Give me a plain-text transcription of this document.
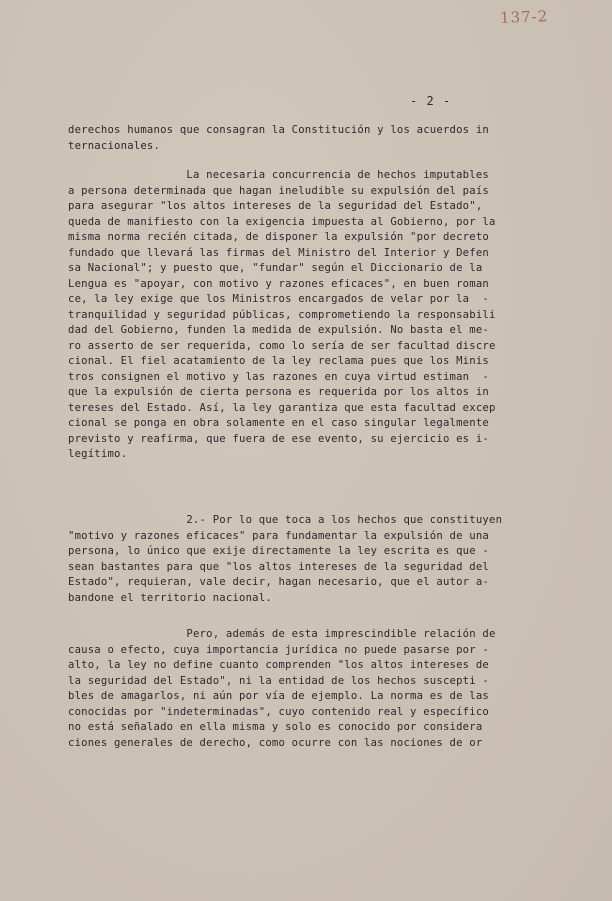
137-2
- 2 -

derechos humanos que consagran la Constitución y los acuerdos in
ternacionales.

La necesaria concurrencia de hechos imputables
a persona determinada que hagan ineludible su expulsión del país
para asegurar "los altos intereses de la seguridad del Estado",
queda de manifiesto con la exigencia impuesta al Gobierno, por la
misma norma recién citada, de disponer la expulsión "por decreto
fundado que llevará las firmas del Ministro del Interior y Defen
sa Nacional"; y puesto que, "fundar" según el Diccionario de la
Lengua es "apoyar, con motivo y razones eficaces", en buen roman
ce, la ley exige que los Ministros encargados de velar por la  -
tranquilidad y seguridad públicas, comprometiendo la responsabili
dad del Gobierno, funden la medida de expulsión. No basta el me-
ro asserto de ser requerida, como lo sería de ser facultad discre
cional. El fiel acatamiento de la ley reclama pues que los Minis
tros consignen el motivo y las razones en cuya virtud estiman  -
que la expulsión de cierta persona es requerida por los altos in
tereses del Estado. Así, la ley garantiza que esta facultad excep
cional se ponga en obra solamente en el caso singular legalmente
previsto y reafirma, que fuera de ese evento, su ejercicio es i-
legítimo.

2.- Por lo que toca a los hechos que constituyen
"motivo y razones eficaces" para fundamentar la expulsión de una
persona, lo único que exije directamente la ley escrita es que -
sean bastantes para que "los altos intereses de la seguridad del
Estado", requieran, vale decir, hagan necesario, que el autor a-
bandone el territorio nacional.

Pero, además de esta imprescindible relación de
causa o efecto, cuya importancia jurídica no puede pasarse por -
alto, la ley no define cuanto comprenden "los altos intereses de
la seguridad del Estado", ni la entidad de los hechos suscepti -
bles de amagarlos, ni aún por vía de ejemplo. La norma es de las
conocidas por "indeterminadas", cuyo contenido real y específico
no está señalado en ella misma y solo es conocido por considera
ciones generales de derecho, como ocurre con las nociones de or
